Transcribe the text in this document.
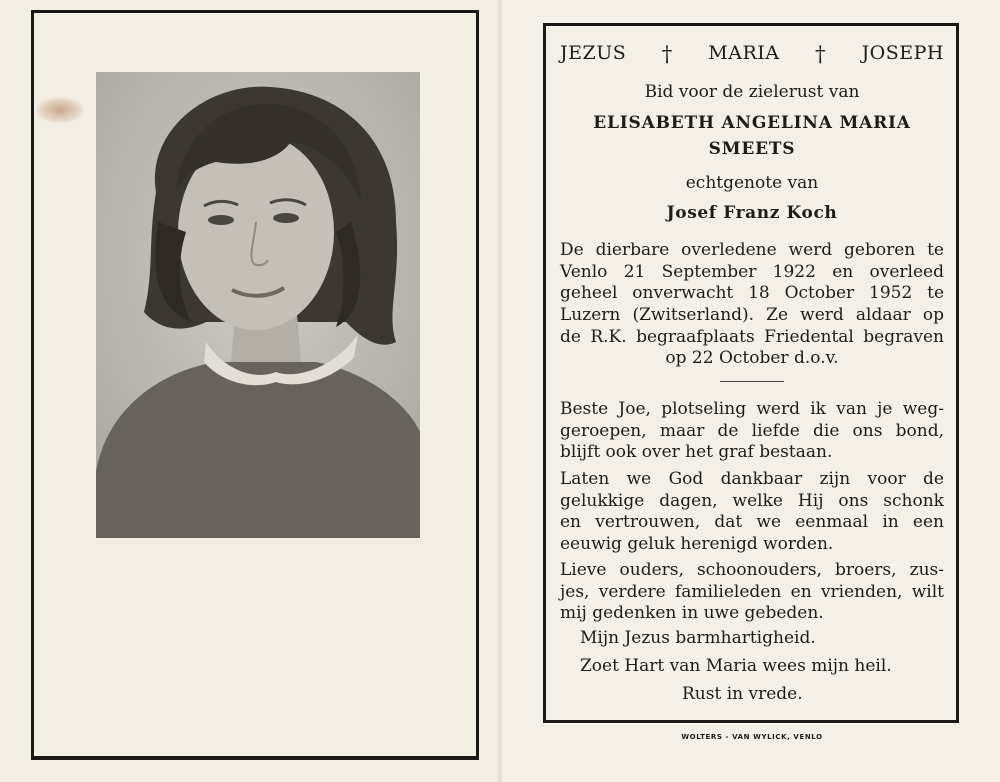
JEZUS † MARIA † JOSEPH
Bid voor de zielerust van
ELISABETH ANGELINA MARIA
SMEETS
echtgenote van
Josef Franz Koch
De dierbare overledene werd geboren te
Venlo 21 September 1922 en overleed
geheel onverwacht 18 October 1952 te
Luzern (Zwitserland). Ze werd aldaar op
de R.K. begraafplaats Friedental begraven
op 22 October d.o.v.
Beste Joe, plotseling werd ik van je weg-
geroepen, maar de liefde die ons bond,
blijft ook over het graf bestaan.
Laten we God dankbaar zijn voor de
gelukkige dagen, welke Hij ons schonk
en vertrouwen, dat we eenmaal in een
eeuwig geluk herenigd worden.
Lieve ouders, schoonouders, broers, zus-
jes, verdere familieleden en vrienden, wilt
mij gedenken in uwe gebeden.
Mijn Jezus barmhartigheid.
Zoet Hart van Maria wees mijn heil.
Rust in vrede.
WOLTERS - VAN WYLICK, VENLO
